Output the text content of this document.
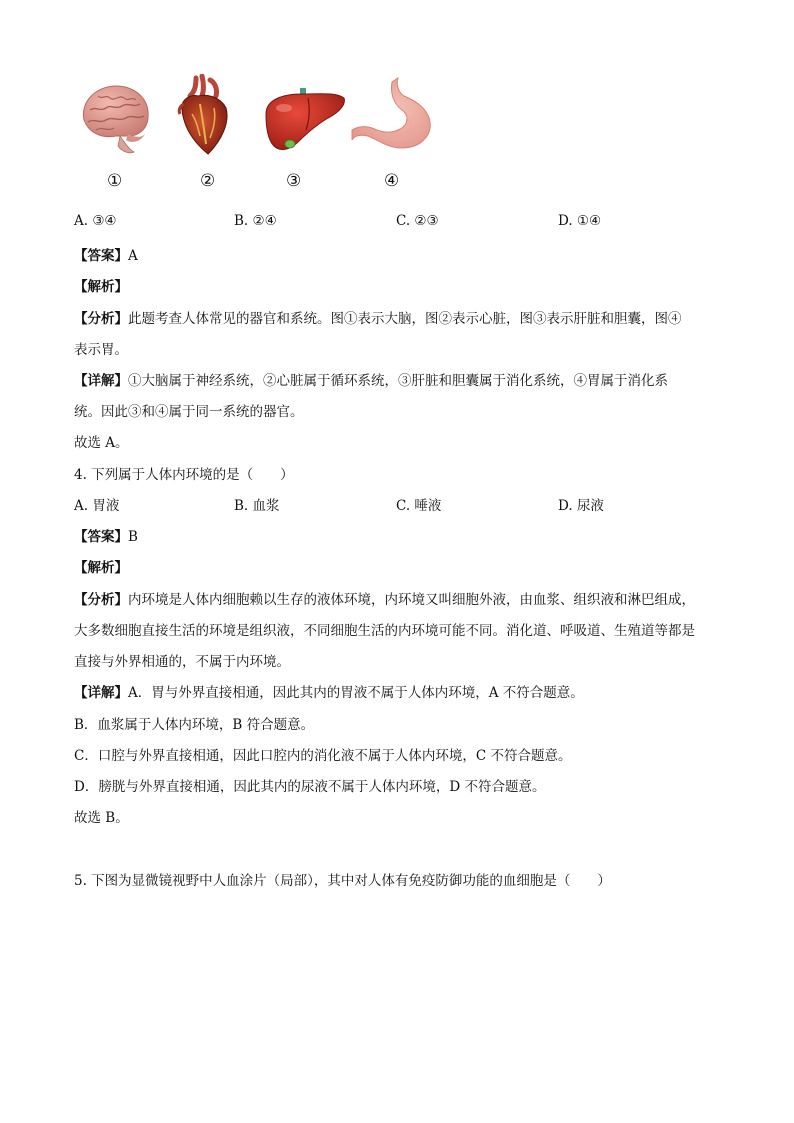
①	②	③	④
A. ③④	B. ②④	C. ②③	D. ①④
【答案】A
【解析】
【分析】此题考查人体常见的器官和系统。图①表示大脑，图②表示心脏，图③表示肝脏和胆囊，图④
表示胃。
【详解】①大脑属于神经系统，②心脏属于循环系统，③肝脏和胆囊属于消化系统，④胃属于消化系
统。因此③和④属于同一系统的器官。
故选 A。
4. 下列属于人体内环境的是（　　）
A. 胃液	B. 血浆	C. 唾液	D. 尿液
【答案】B
【解析】
【分析】内环境是人体内细胞赖以生存的液体环境，内环境又叫细胞外液，由血浆、组织液和淋巴组成，
大多数细胞直接生活的环境是组织液，不同细胞生活的内环境可能不同。消化道、呼吸道、生殖道等都是
直接与外界相通的，不属于内环境。
【详解】A．胃与外界直接相通，因此其内的胃液不属于人体内环境，A 不符合题意。
B．血浆属于人体内环境，B 符合题意。
C．口腔与外界直接相通，因此口腔内的消化液不属于人体内环境，C 不符合题意。
D．膀胱与外界直接相通，因此其内的尿液不属于人体内环境，D 不符合题意。
故选 B。
5. 下图为显微镜视野中人血涂片（局部），其中对人体有免疫防御功能的血细胞是（　　）
